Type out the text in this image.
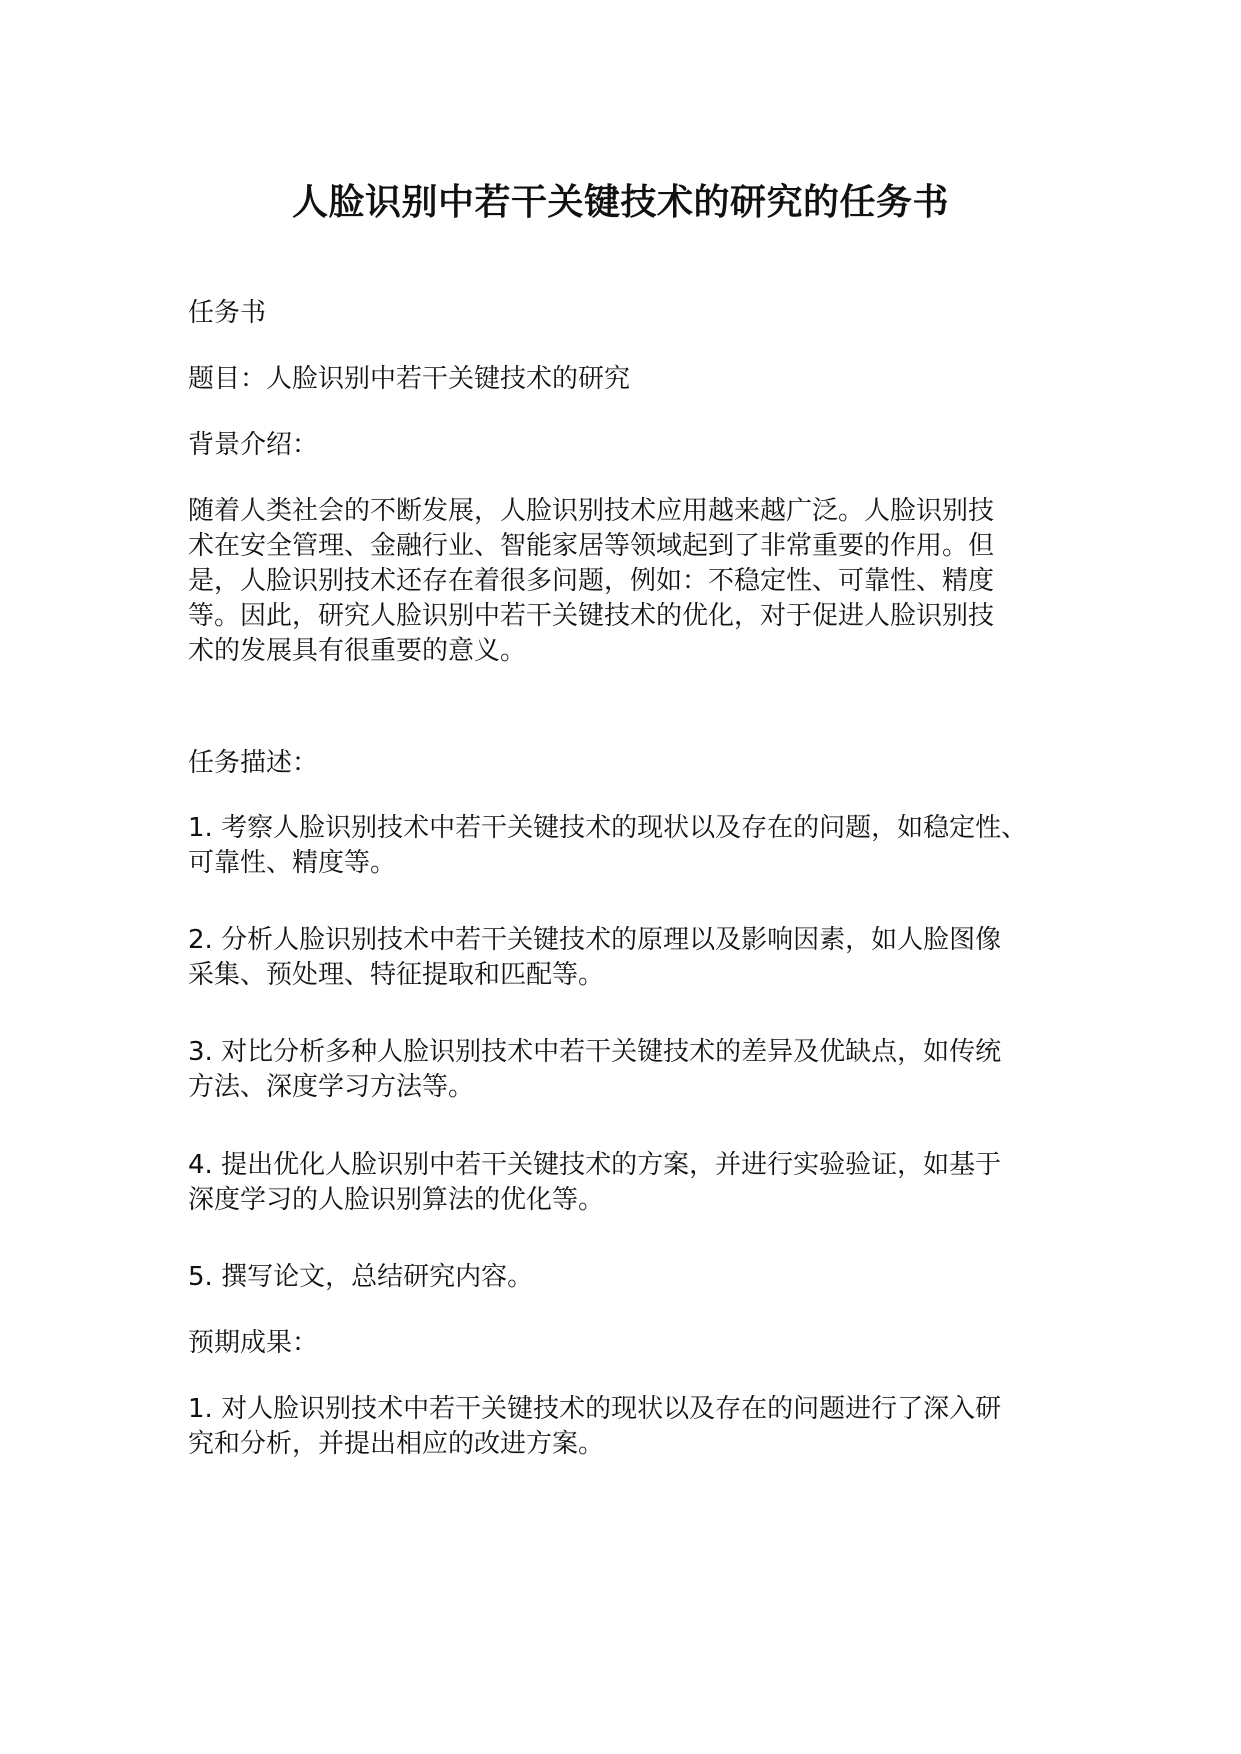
人脸识别中若干关键技术的研究的任务书
任务书
题目：人脸识别中若干关键技术的研究
背景介绍：
随着人类社会的不断发展，人脸识别技术应用越来越广泛。人脸识别技
术在安全管理、金融行业、智能家居等领域起到了非常重要的作用。但
是，人脸识别技术还存在着很多问题，例如：不稳定性、可靠性、精度
等。因此，研究人脸识别中若干关键技术的优化，对于促进人脸识别技
术的发展具有很重要的意义。
任务描述：
1. 考察人脸识别技术中若干关键技术的现状以及存在的问题，如稳定性、
可靠性、精度等。
2. 分析人脸识别技术中若干关键技术的原理以及影响因素，如人脸图像
采集、预处理、特征提取和匹配等。
3. 对比分析多种人脸识别技术中若干关键技术的差异及优缺点，如传统
方法、深度学习方法等。
4. 提出优化人脸识别中若干关键技术的方案，并进行实验验证，如基于
深度学习的人脸识别算法的优化等。
5. 撰写论文，总结研究内容。
预期成果：
1. 对人脸识别技术中若干关键技术的现状以及存在的问题进行了深入研
究和分析，并提出相应的改进方案。
